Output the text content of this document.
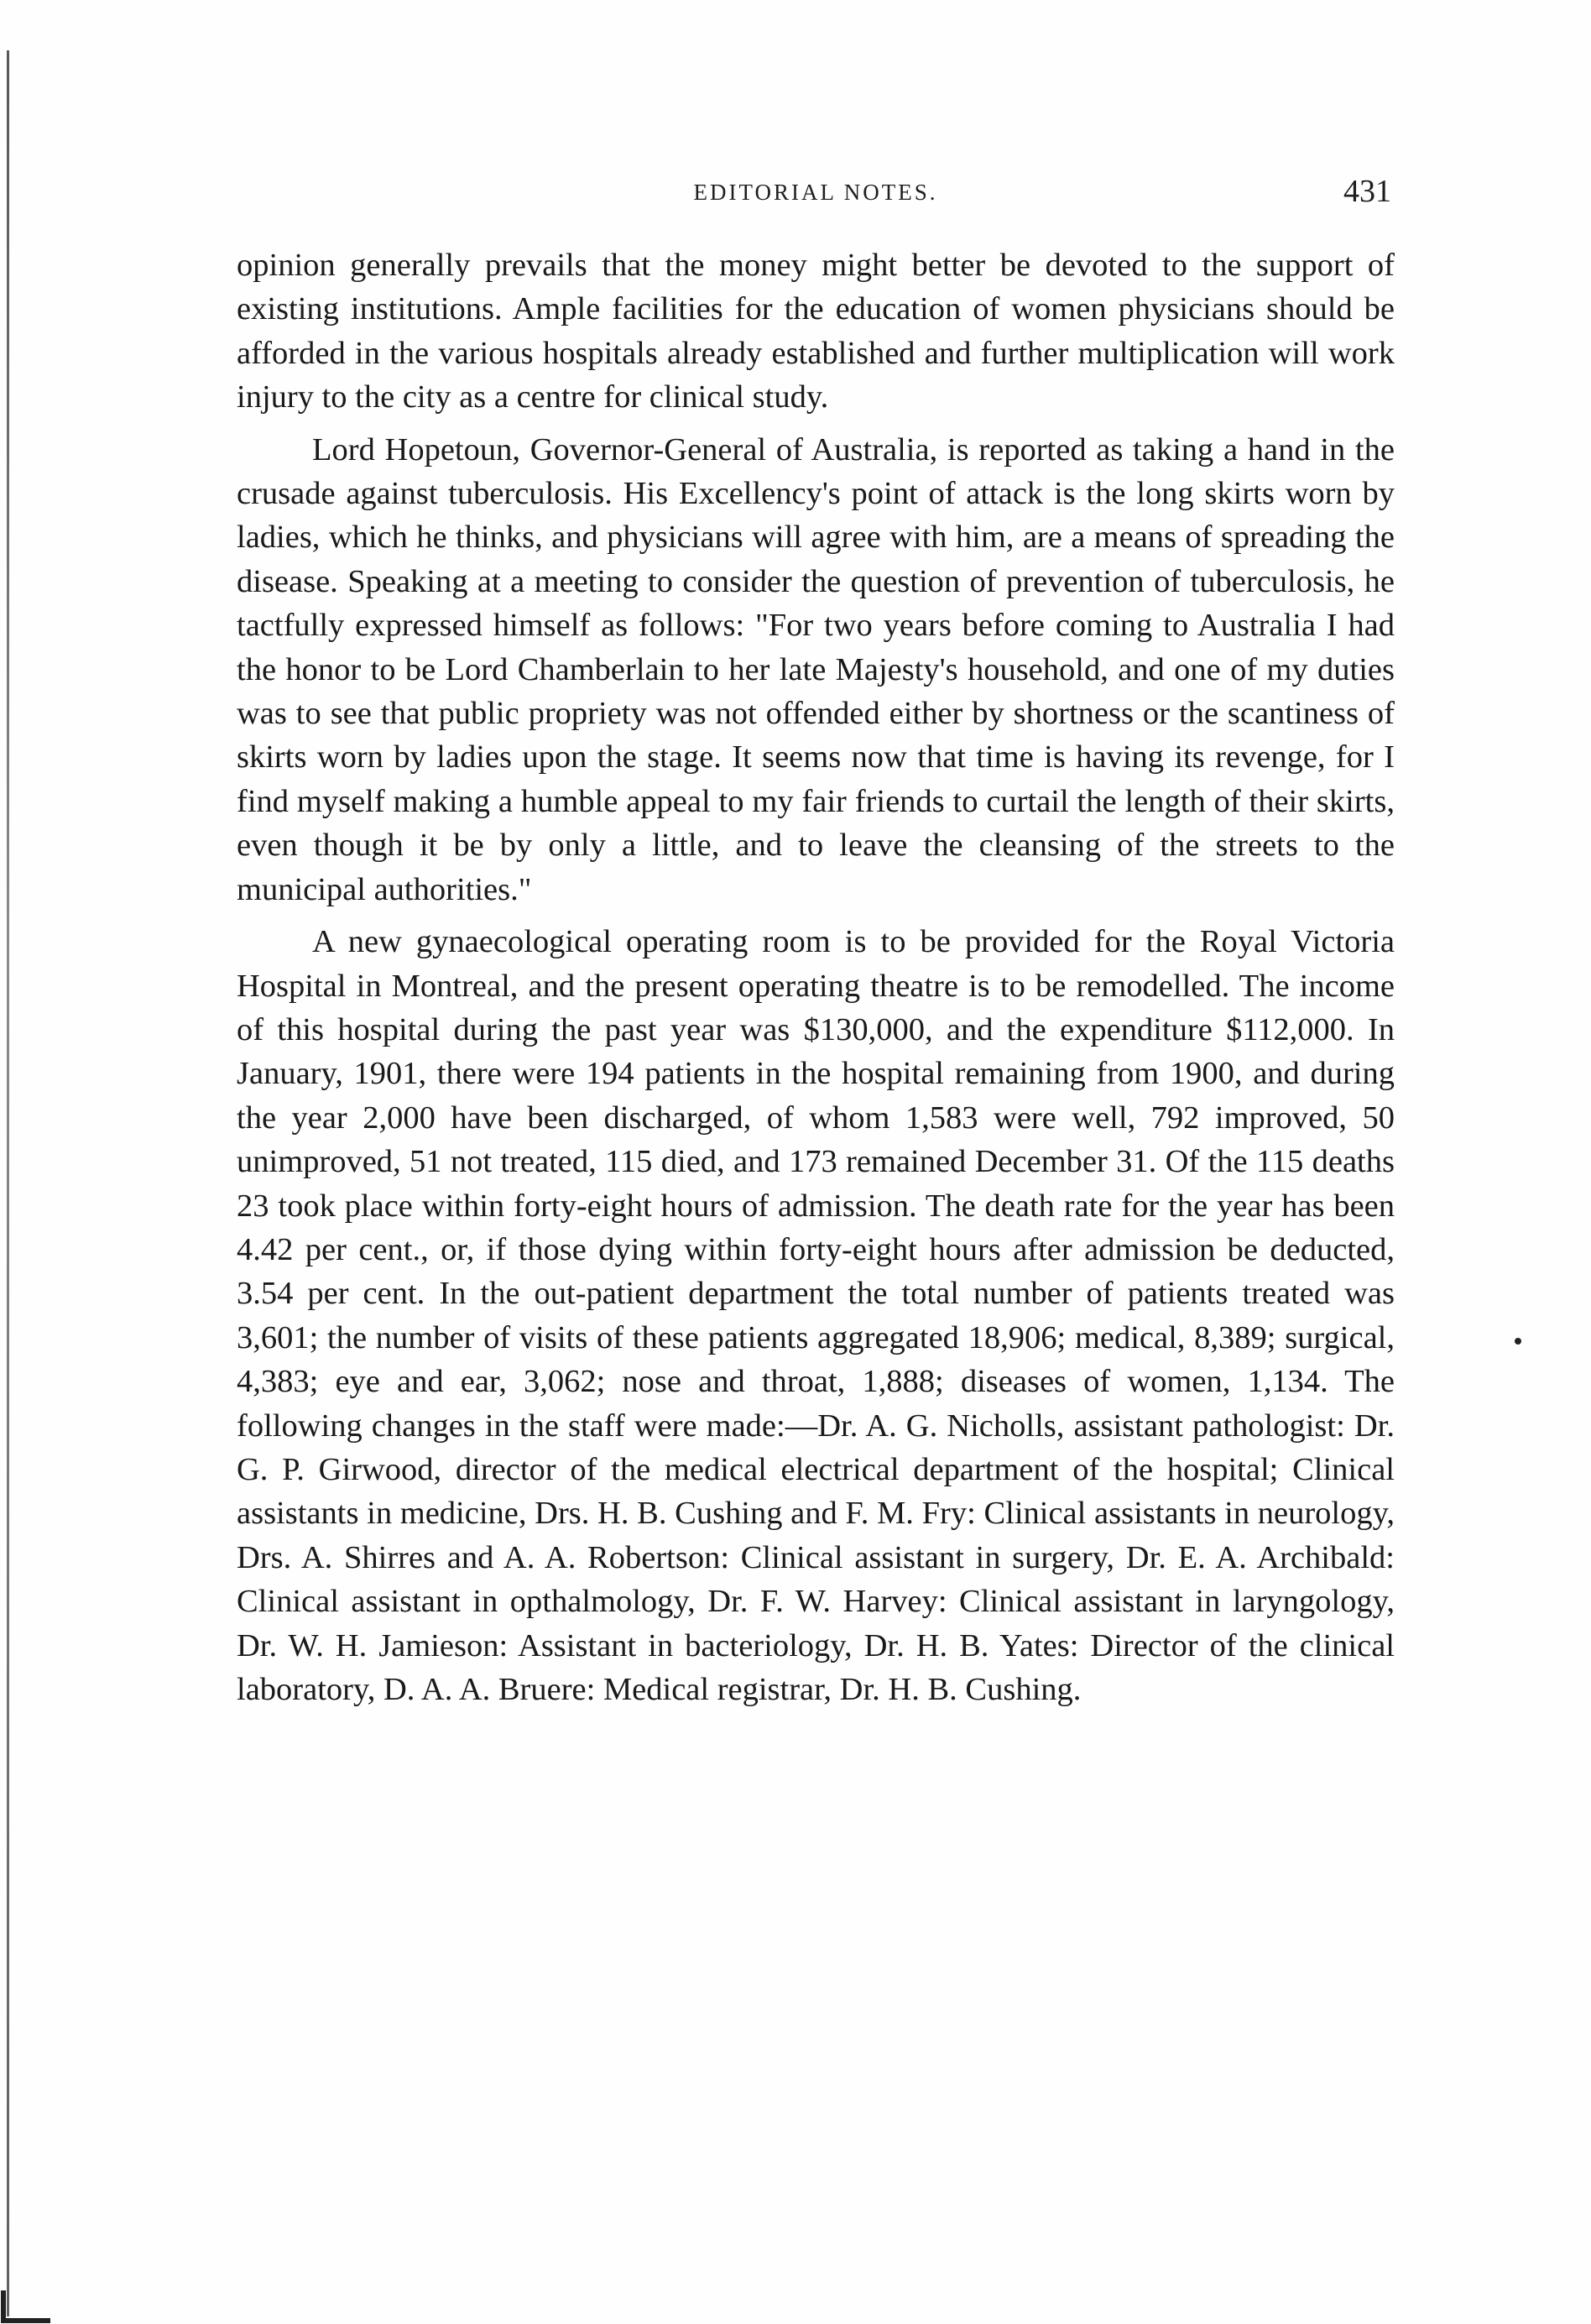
EDITORIAL NOTES.	431

opinion generally prevails that the money might better be devoted to the support of existing institutions. Ample facilities for the education of women physicians should be afforded in the various hospitals already established and further multiplication will work injury to the city as a centre for clinical study.

Lord Hopetoun, Governor-General of Australia, is reported as taking a hand in the crusade against tuberculosis. His Excellency's point of attack is the long skirts worn by ladies, which he thinks, and physicians will agree with him, are a means of spreading the disease. Speaking at a meeting to consider the question of prevention of tuberculosis, he tactfully expressed himself as follows: "For two years before coming to Australia I had the honor to be Lord Chamberlain to her late Majesty's household, and one of my duties was to see that public propriety was not offended either by shortness or the scantiness of skirts worn by ladies upon the stage. It seems now that time is having its revenge, for I find myself making a humble appeal to my fair friends to curtail the length of their skirts, even though it be by only a little, and to leave the cleansing of the streets to the municipal authorities."

A new gynaecological operating room is to be provided for the Royal Victoria Hospital in Montreal, and the present operating theatre is to be remodelled. The income of this hospital during the past year was $130,000, and the expenditure $112,000. In January, 1901, there were 194 patients in the hospital remaining from 1900, and during the year 2,000 have been discharged, of whom 1,583 were well, 792 improved, 50 unimproved, 51 not treated, 115 died, and 173 remained December 31. Of the 115 deaths 23 took place within forty-eight hours of admission. The death rate for the year has been 4.42 per cent., or, if those dying within forty-eight hours after admission be deducted, 3.54 per cent. In the out-patient department the total number of patients treated was 3,601; the number of visits of these patients aggregated 18,906; medical, 8,389; surgical, 4,383; eye and ear, 3,062; nose and throat, 1,888; diseases of women, 1,134. The following changes in the staff were made:—Dr. A. G. Nicholls, assistant pathologist: Dr. G. P. Girwood, director of the medical electrical department of the hospital; Clinical assistants in medicine, Drs. H. B. Cushing and F. M. Fry: Clinical assistants in neurology, Drs. A. Shirres and A. A. Robertson: Clinical assistant in surgery, Dr. E. A. Archibald: Clinical assistant in opthalmology, Dr. F. W. Harvey: Clinical assistant in laryngology, Dr. W. H. Jamieson: Assistant in bacteriology, Dr. H. B. Yates: Director of the clinical laboratory, D. A. A. Bruere: Medical registrar, Dr. H. B. Cushing.
